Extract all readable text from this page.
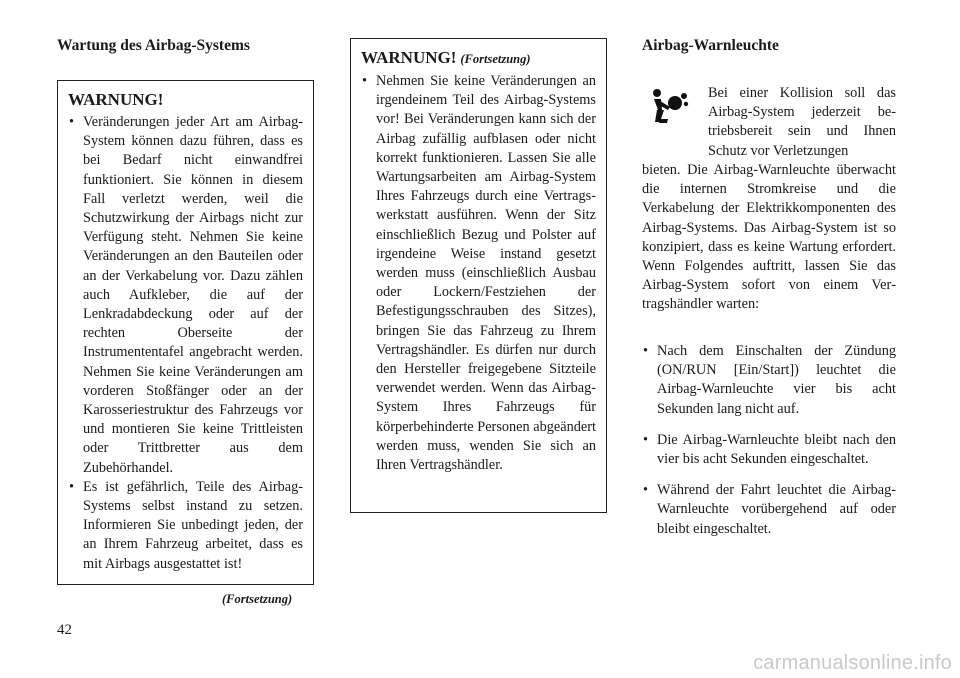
Wartung des Airbag-Systems
WARNUNG!
• Veränderungen jeder Art am Airbag-System können dazu führen, dass es bei Bedarf nicht einwandfrei funktioniert. Sie können in diesem Fall verletzt werden, weil die Schutzwirkung der Airbags nicht zur Verfügung steht. Nehmen Sie keine Veränderungen an den Bauteilen oder an der Verkabelung vor. Dazu zählen auch Aufkleber, die auf der Lenkradabdeckung oder auf der rechten Oberseite der Instrumententafel angebracht werden. Nehmen Sie keine Veränderungen am vorderen Stoßfänger oder an der Karosseriestruktur des Fahrzeugs vor und montieren Sie keine Trittleisten oder Trittbretter aus dem Zubehörhandel.
• Es ist gefährlich, Teile des Airbag-Systems selbst instand zu setzen. Informieren Sie unbedingt jeden, der an Ihrem Fahrzeug arbeitet, dass es mit Airbags ausgestattet ist!
(Fortsetzung)
42
WARNUNG! (Fortsetzung)
• Nehmen Sie keine Veränderungen an irgendeinem Teil des Airbag-Systems vor! Bei Veränderungen kann sich der Airbag zufällig aufblasen oder nicht korrekt funktionieren. Lassen Sie alle Wartungsarbeiten am Airbag-System Ihres Fahrzeugs durch eine Vertragswerkstatt ausführen. Wenn der Sitz einschließlich Bezug und Polster auf irgendeine Weise instand gesetzt werden muss (einschließlich Ausbau oder Lockern/Festziehen der Befestigungsschrauben des Sitzes), bringen Sie das Fahrzeug zu Ihrem Vertragshändler. Es dürfen nur durch den Hersteller freigegebene Sitzteile verwendet werden. Wenn das Airbag-System Ihres Fahrzeugs für körperbehinderte Personen abgeändert werden muss, wenden Sie sich an Ihren Vertragshändler.
Airbag-Warnleuchte
Bei einer Kollision soll das Airbag-System jederzeit betriebsbereit sein und Ihnen Schutz vor Verletzungen
bieten. Die Airbag-Warnleuchte überwacht die internen Stromkreise und die Verkabelung der Elektrikkomponenten des Airbag-Systems. Das Airbag-System ist so konzipiert, dass es keine Wartung erfordert. Wenn Folgendes auftritt, lassen Sie das Airbag-System sofort von einem Vertragshändler warten:
• Nach dem Einschalten der Zündung (ON/RUN [Ein/Start]) leuchtet die Airbag-Warnleuchte vier bis acht Sekunden lang nicht auf.
• Die Airbag-Warnleuchte bleibt nach den vier bis acht Sekunden eingeschaltet.
• Während der Fahrt leuchtet die Airbag-Warnleuchte vorübergehend auf oder bleibt eingeschaltet.
carmanualsonline.info
